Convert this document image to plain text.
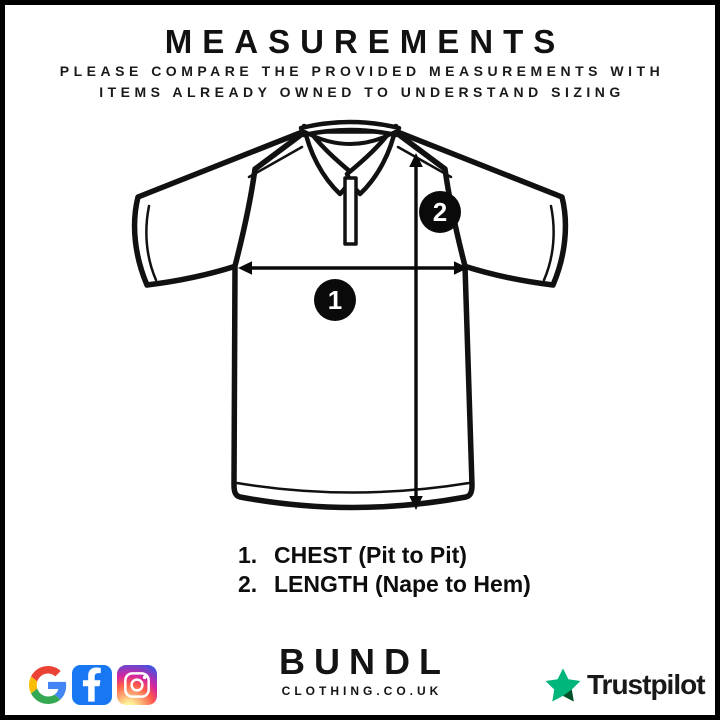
MEASUREMENTS
PLEASE COMPARE THE PROVIDED MEASUREMENTS WITH
ITEMS ALREADY OWNED TO UNDERSTAND SIZING
1
2
1. CHEST (Pit to Pit)
2. LENGTH (Nape to Hem)
BUNDL
CLOTHING.CO.UK	Trustpilot
